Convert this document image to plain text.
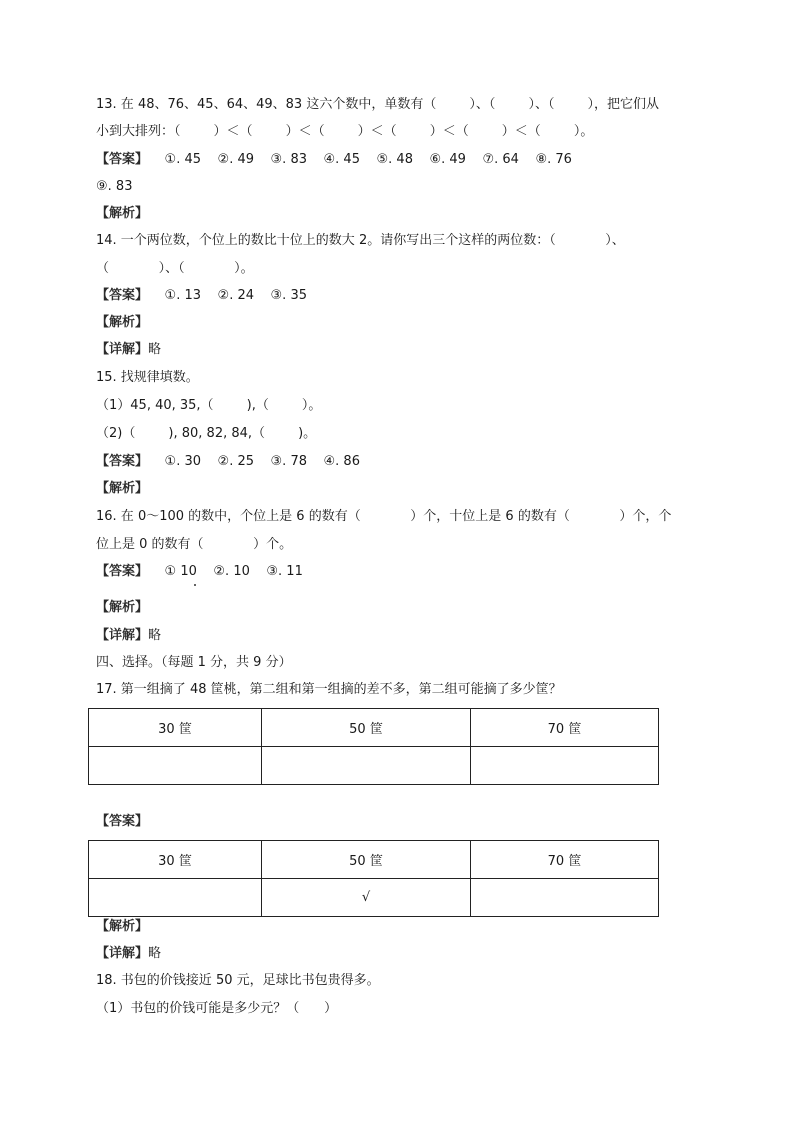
13. 在 48、76、45、64、49、83 这六个数中，单数有（        ）、（        ）、（        ），把它们从
小到大排列：（        ）＜（        ）＜（        ）＜（        ）＜（        ）＜（        ）。
【答案】    ①. 45    ②. 49    ③. 83    ④. 45    ⑤. 48    ⑥. 49    ⑦. 64    ⑧. 76
⑨. 83
【解析】
14. 一个两位数，个位上的数比十位上的数大 2。请你写出三个这样的两位数：（            ）、
（            ）、（            ）。
【答案】    ①. 13    ②. 24    ③. 35
【解析】
【详解】略
15. 找规律填数。
（1）45, 40, 35,（        ),（        ）。
（2)（        ), 80, 82, 84,（        )。
【答案】    ①. 30    ②. 25    ③. 78    ④. 86
【解析】
16. 在 0～100 的数中，个位上是 6 的数有（            ）个，十位上是 6 的数有（            ）个，个
位上是 0 的数有（            ）个。
【答案】    ① 10    ②. 10    ③. 11
【解析】
【详解】略
四、选择。（每题 1 分，共 9 分）
17. 第一组摘了 48 筐桃，第二组和第一组摘的差不多，第二组可能摘了多少筐？
30 筐	50 筐	70 筐

【答案】
30 筐	50 筐	70 筐
	√	
【解析】
【详解】略
18. 书包的价钱接近 50 元，足球比书包贵得多。
（1）书包的价钱可能是多少元？（      ）
